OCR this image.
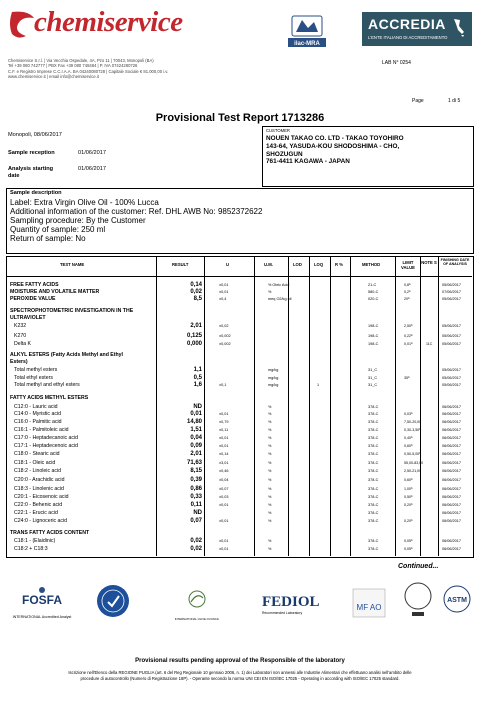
chemiservice
Chemiservice S.r.l. | Via Vecchia Ospedale, 4A, Pzo 11 | 70043, Monopoli (BA)
Tel +39 080 742777 | PBX Fax +39 080 748484 | P. IVA 07424280726
C.F. e Registro Imprese C.C.I.A.A. BA 04240080728 | Capitale Sociale € 81.000,00 i.v.
www.chemiservice.it | email info@chemiservice.it
ilac-MRA
ACCREDIA
L'ENTE ITALIANO DI ACCREDITAMENTO
LAB N° 0254
Page	1 di 5
Provisional Test Report 1713286
Monopoli, 08/06/2017
Sample reception	01/06/2017
Analysis starting
date
01/06/2017
CUSTOMER
NOUEN TAKAO CO. LTD - TAKAO TOYOHIRO
143-64, YASUDA-KOU SHODOSHIMA - CHO,
SHOZUGUN
761-4411 KAGAWA - JAPAN
Sample description
Label: Extra Virgin Olive Oil - 100% Lucca
Additional information of the customer: Ref. DHL AWB No: 9852372622
Sampling procedure: By the Customer
Quantity of sample: 250 ml
Return of sample: No
TEST NAME	RESULT	U	U.M.	LOD	LOQ	R %	METHOD	LIMIT VALUE
NOTE S	FINISHING DATE OF ANALYSIS
FREE FATTY ACIDS	0,14	±0,01	% Oleic Acid	21-C	0,8¹⁾	05/06/2017
MOISTURE AND VOLATILE MATTER	0,02	±0,01	%	580-C	0,2¹⁾	07/06/2017
PEROXIDE VALUE	8,5	±0,4	meq O2/kg oil	020-C	20¹⁾	05/06/2017
SPECTROPHOTOMETRIC INVESTIGATION IN THE
ULTRAVIOLET
K232	2,01	±0,02	198-C	2,50¹⁾	05/06/2017
K270	0,125	±0,002	198-C	0,22¹⁾	05/06/2017
Delta K	0,000	±0,002	198-C	0,01¹⁾	11C	05/06/2017
ALKYL ESTERS (Fatty Acids Methyl and Ethyl
Esters)
Total methyl esters	1,1	mg/kg	31_C	05/06/2017
Total ethyl esters	0,5	mg/kg	31_C	35¹⁾	05/06/2017
Total methyl and ethyl esters	1,6	±0,1	mg/kg	1	31_C	05/06/2017
FATTY ACIDS METHYL ESTERS
C12:0 - Lauric acid	ND	%	378-C	06/06/2017
C14:0 - Myristic acid	0,01	±0,01	%	378-C	0,03¹⁾	06/06/2017
C16:0 - Palmitic acid	14,80	±0,79	%	378-C	7,50-20,00	06/06/2017
C16:1 - Palmitoleic acid	1,51	±0,11	%	378-C	0,30-3,50¹⁾	06/06/2017
C17:0 - Heptadecanoic acid	0,04	±0,01	%	378-C	0,40¹⁾	06/06/2017
C17:1 - Heptadecenoic acid	0,09	±0,01	%	378-C	0,60¹⁾	06/06/2017
C18:0 - Stearic acid	2,01	±0,14	%	378-C	0,50-5,00¹⁾	06/06/2017
C18:1 - Oleic acid	71,63	±3,01	%	378-C	55,00-83,00	06/06/2017
C18:2 - Linoleic acid	8,15	±0,46	%	378-C	2,50-21,00	06/06/2017
C20:0 - Arachidic acid	0,39	±0,04	%	378-C	0,60¹⁾	06/06/2017
C18:3 - Linolenic acid	0,86	±0,07	%	378-C	1,00¹⁾	06/06/2017
C20:1 - Eicosenoic acid	0,33	±0,03	%	378-C	0,50¹⁾	06/06/2017
C22:0 - Behenic acid	0,11	±0,01	%	378-C	0,20¹⁾	06/06/2017
C22:1 - Erucic acid	ND	%	378-C	06/06/2017
C24:0 - Lignoceric acid	0,07	±0,01	%	378-C	0,20¹⁾	06/06/2017
TRANS FATTY ACIDS CONTENT
C18:1 - (Elaidinic)	0,02	±0,01	%	378-C	0,05¹⁾	06/06/2017
C18:2 + C18:3	0,02	±0,01	%	378-C	0,05¹⁾	06/06/2017
Continued...
FOSFA
INTERNATIONAL Accredited Analyst	INTERNATIONAL OLIVE COUNCIL
FEDIOL
Recommended Laboratory
MF AO
ASTM
Provisional results pending approval of the Responsible of the laboratory
Iscrizione nell'Elenco della REGIONE PUGLIA (art. 6 del Reg Regionale 10 gennaio 2006, n. 1) dei Laboratori non annessi alle Industrie Alimentari che effettuano analisi nell'ambito delle
procedure di autocontrollo (Numero di Registrazione 18P). - Operante secondo la norma UNI CEI EN ISO/IEC 17025 - Operating in according with ISO/IEC 17025 standard.
